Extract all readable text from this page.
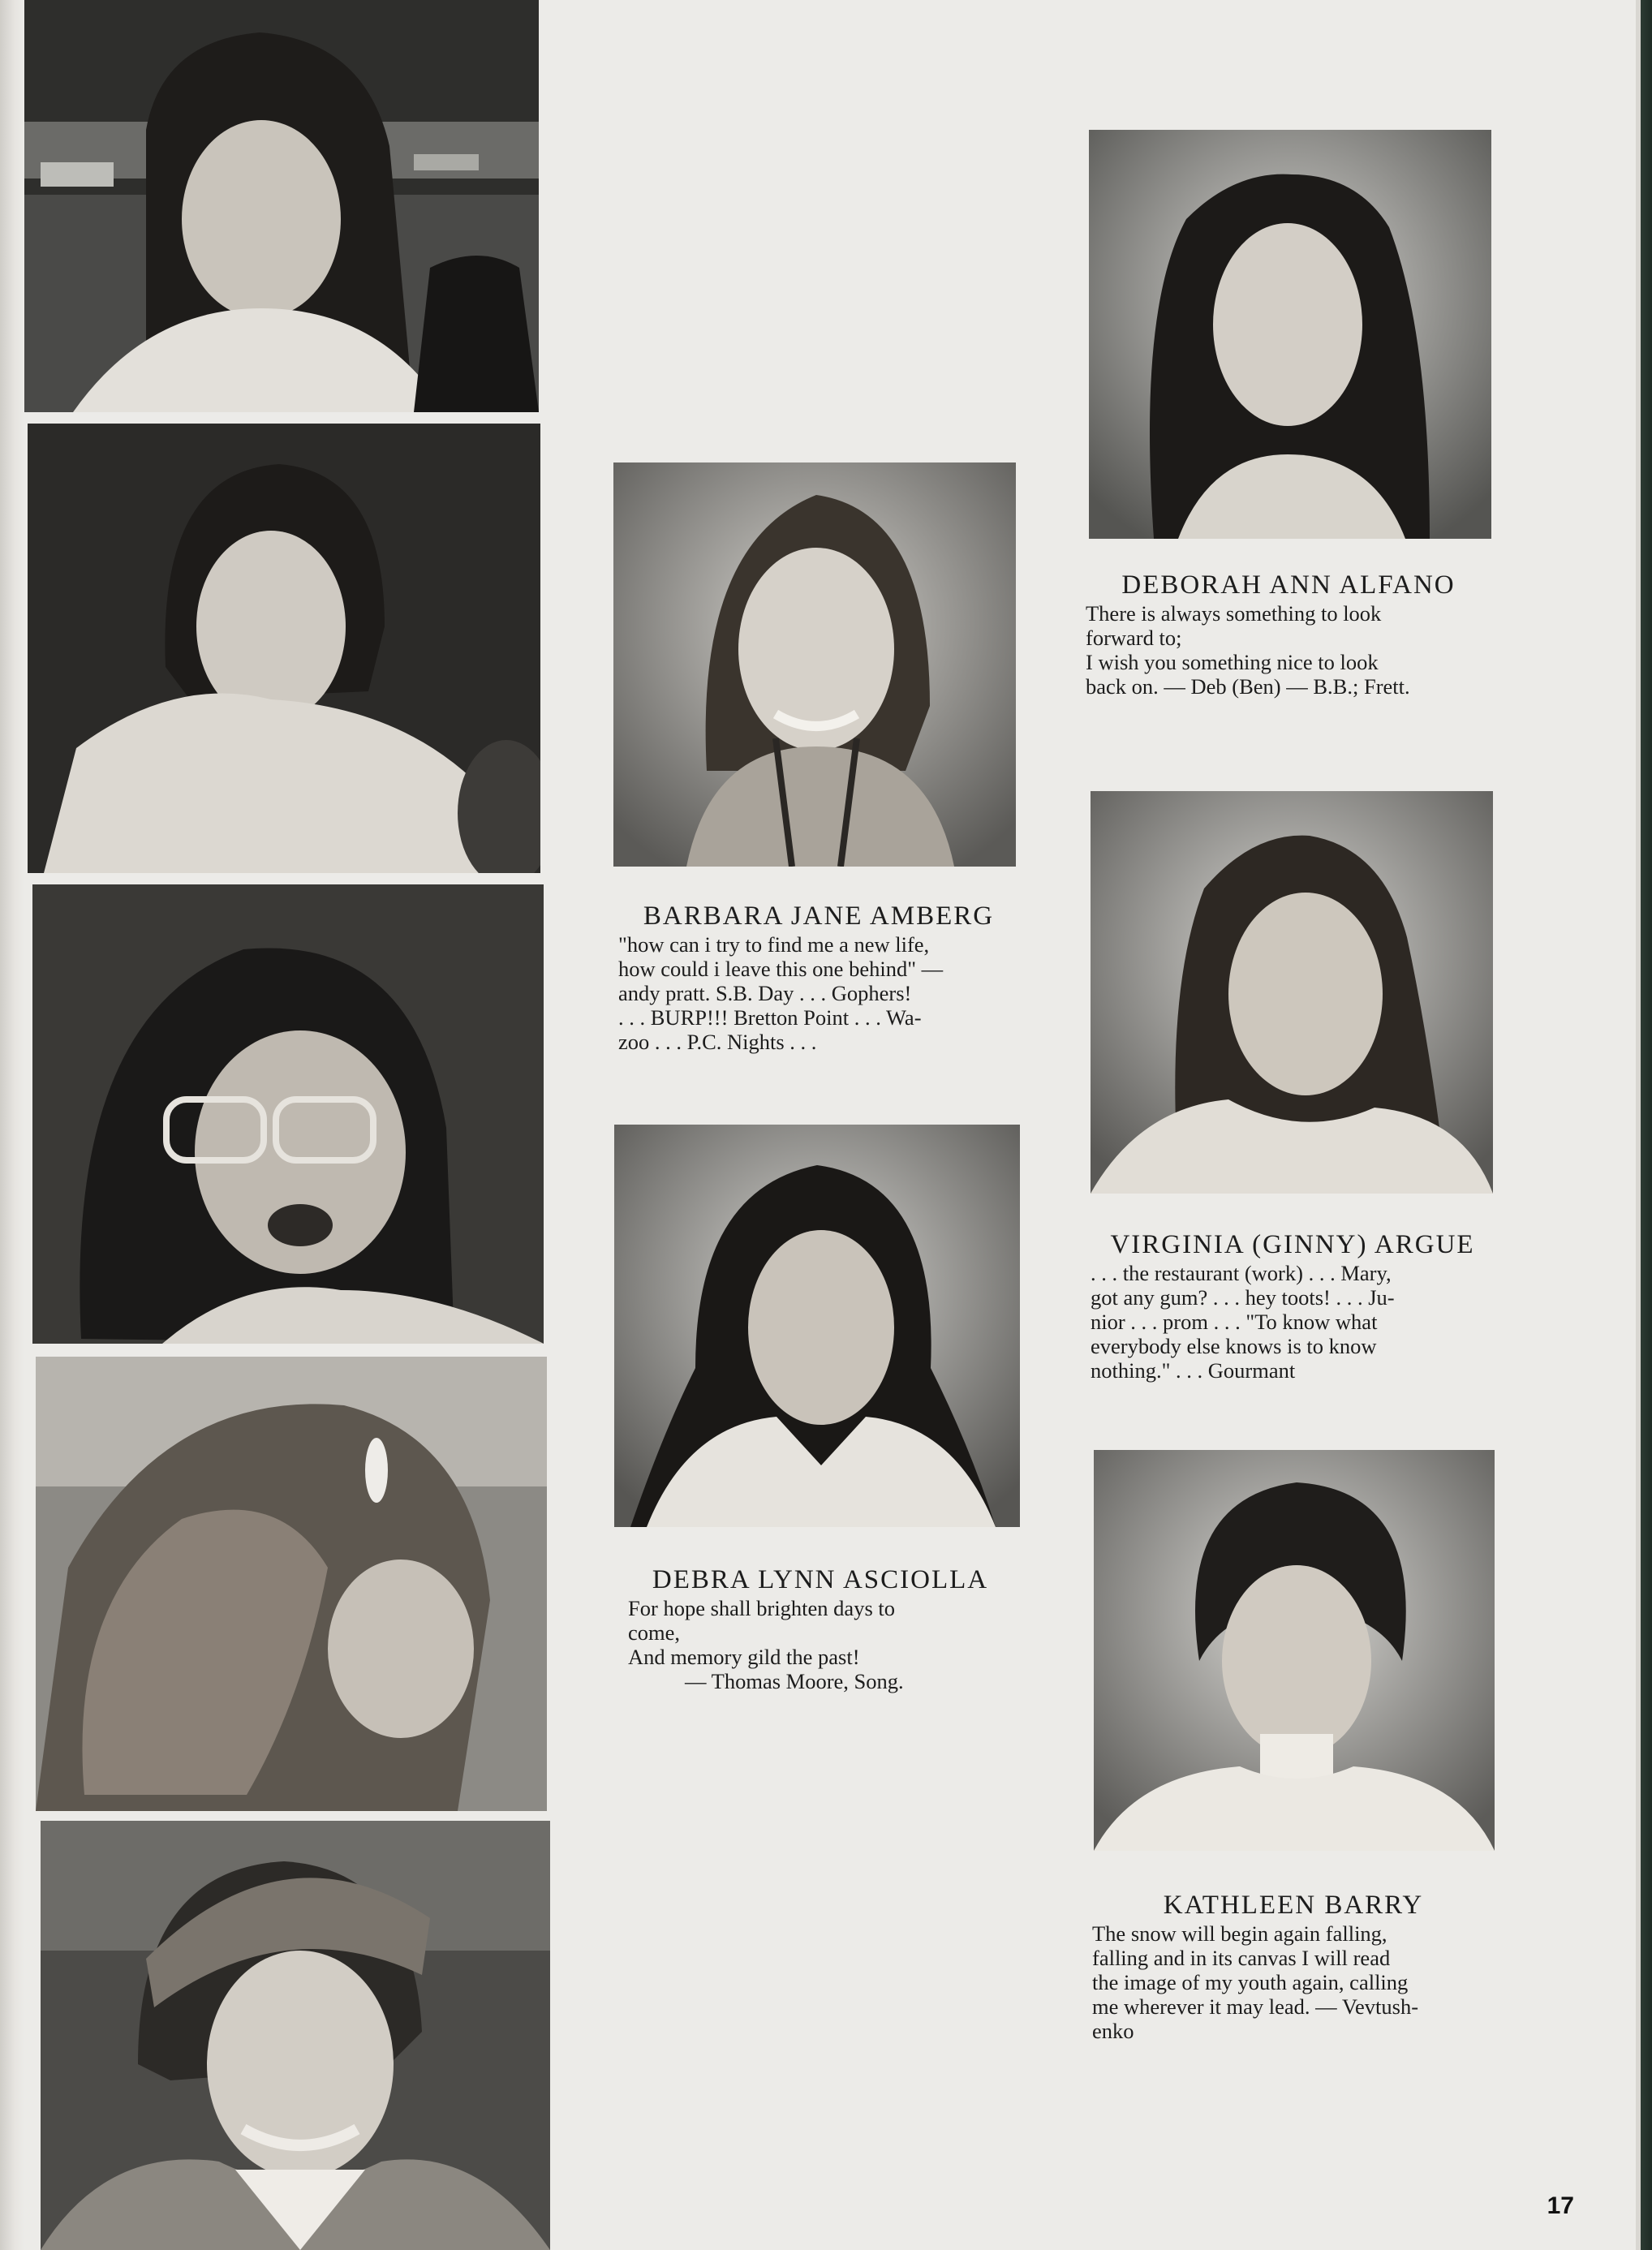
DEBORAH ANN ALFANO
There is always something to look
forward to;
I wish you something nice to look
back on. — Deb (Ben) — B.B.; Frett.
BARBARA JANE AMBERG
"how can i try to find me a new life,
how could i leave this one behind" —
andy pratt. S.B. Day . . . Gophers!
. . . BURP!!! Bretton Point . . . Wa-
zoo . . . P.C. Nights . . .
VIRGINIA (GINNY) ARGUE
. . . the restaurant (work) . . . Mary,
got any gum? . . . hey toots! . . . Ju-
nior . . . prom . . . "To know what
everybody else knows is to know
nothing." . . . Gourmant
DEBRA LYNN ASCIOLLA
For hope shall brighten days to
come,
And memory gild the past!
— Thomas Moore, Song.
KATHLEEN BARRY
The snow will begin again falling,
falling and in its canvas I will read
the image of my youth again, calling
me wherever it may lead. — Vevtush-
enko
17
